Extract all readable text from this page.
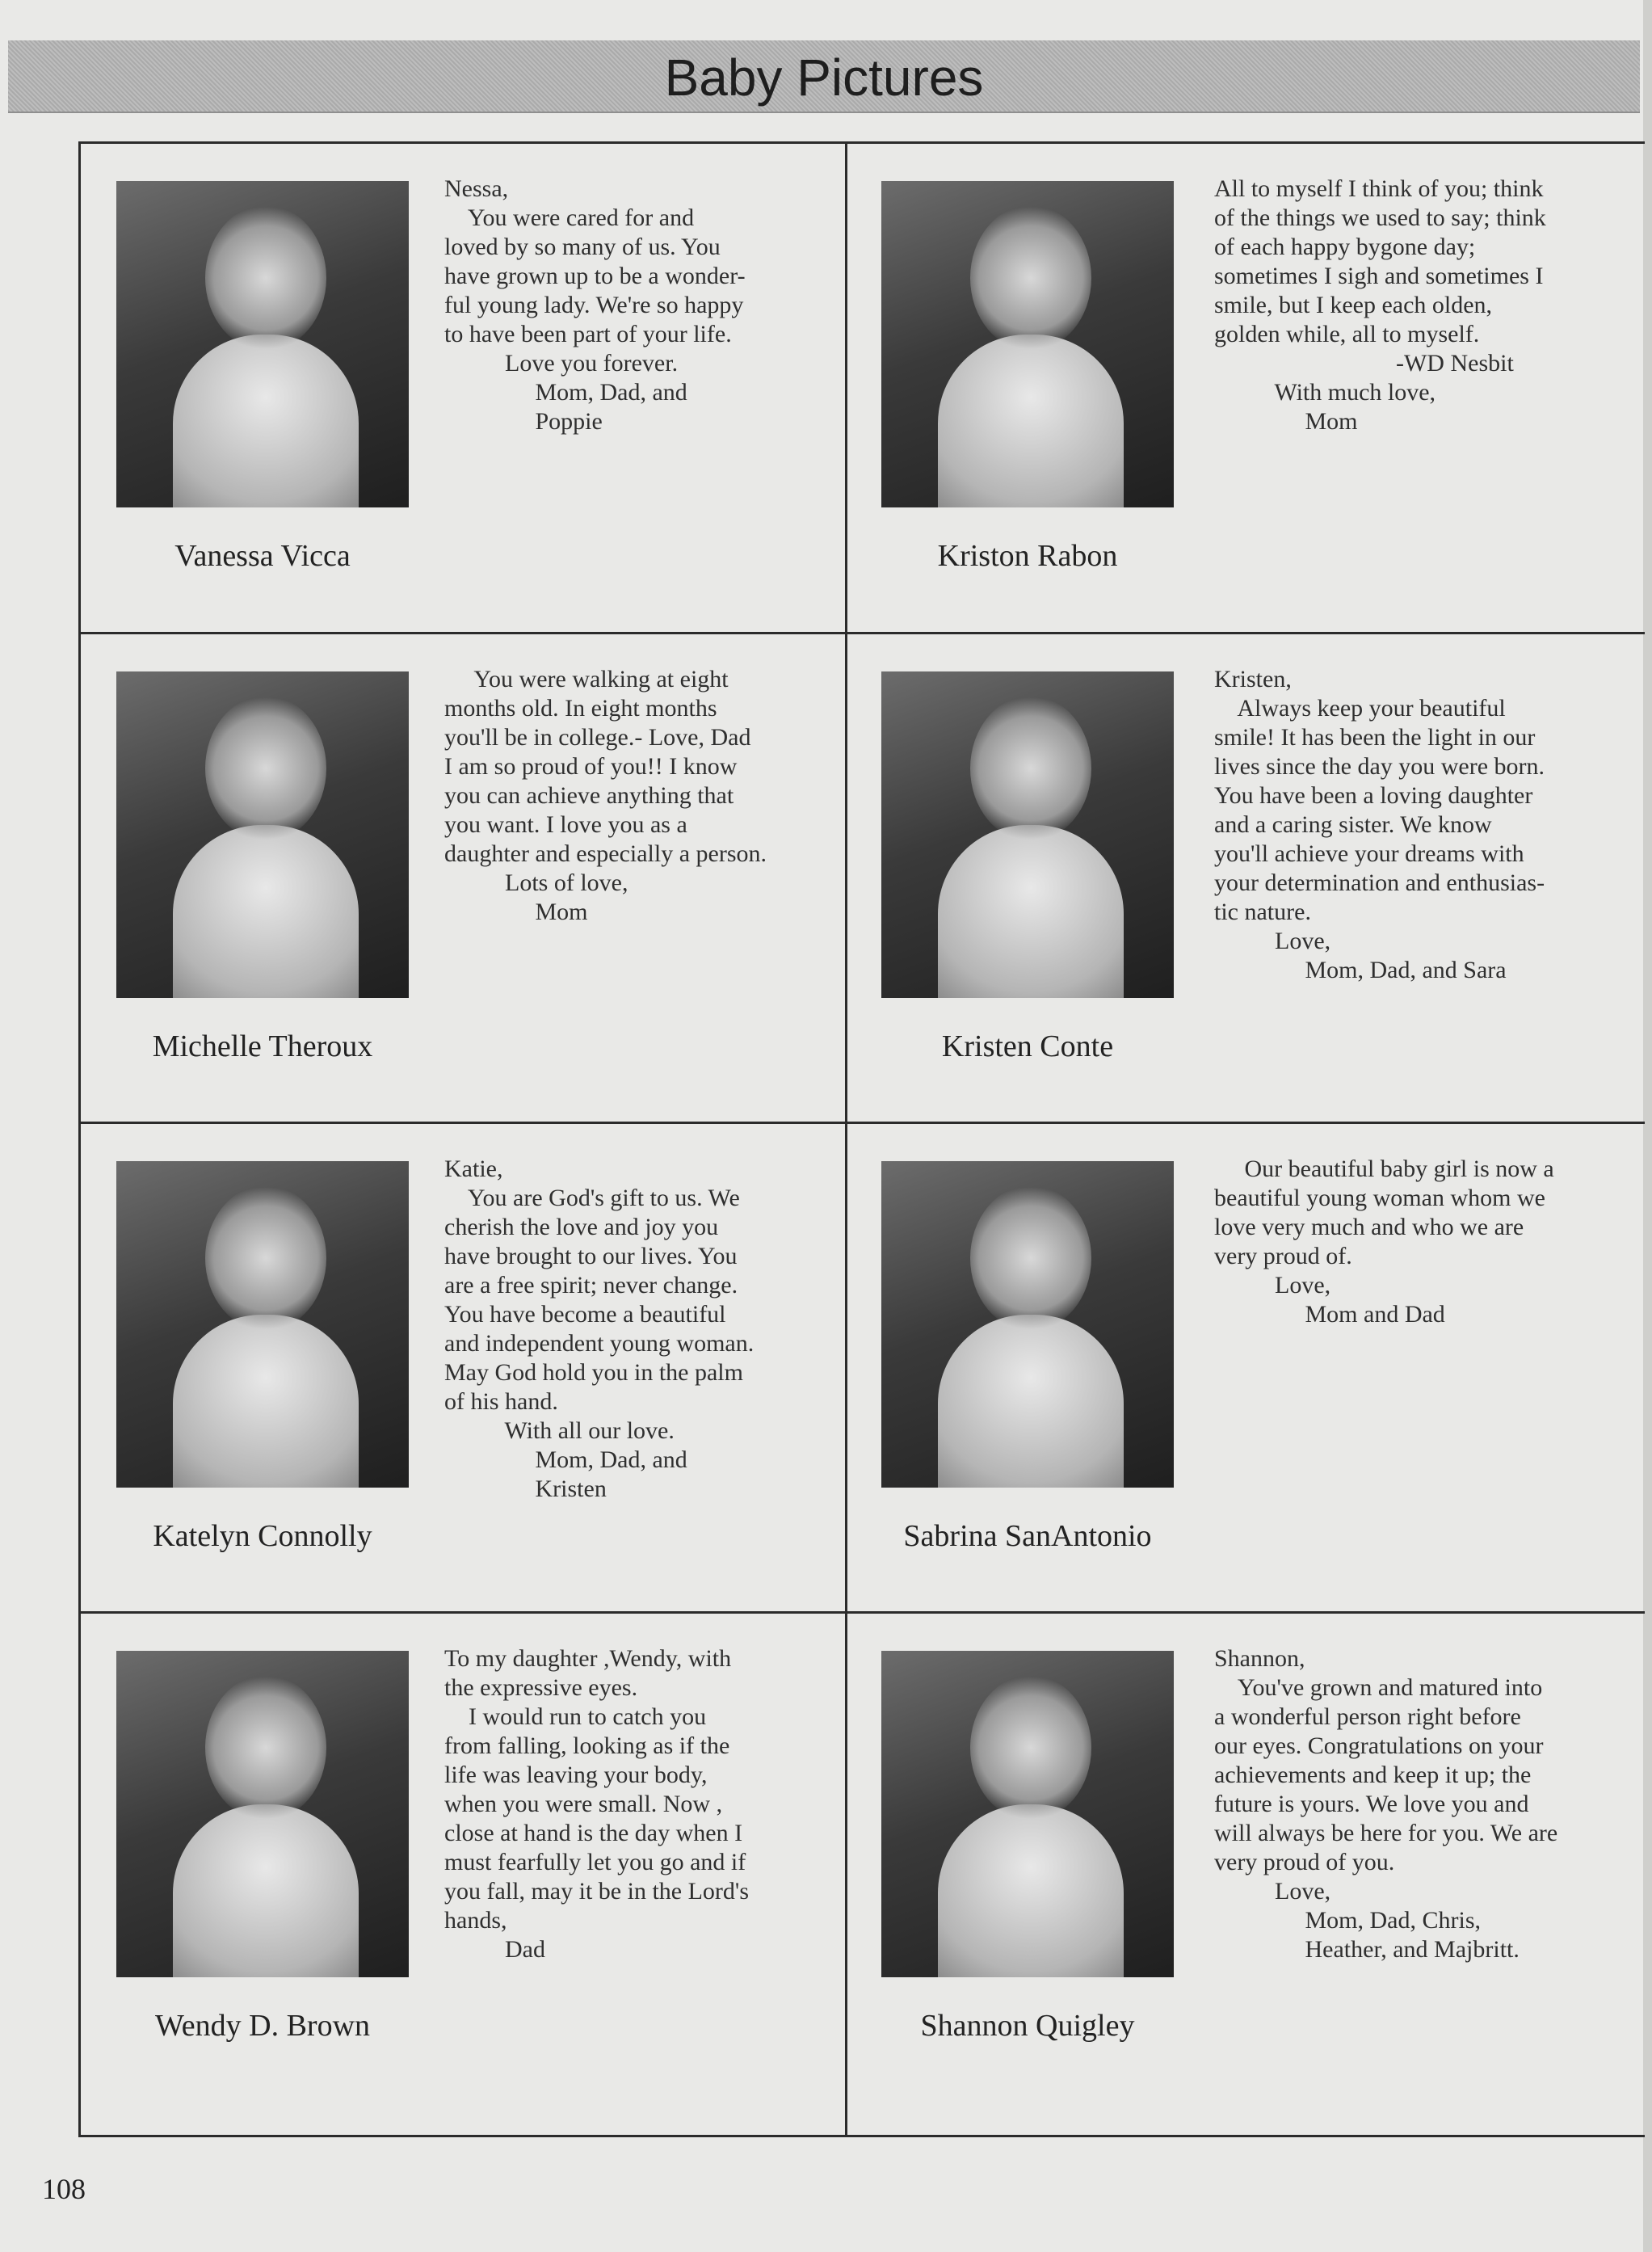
Baby Pictures

Nessa,

You were cared for and

loved by so many of us. You

have grown up to be a wonder-

ful young lady. We're so happy

to have been part of your life.

Love you forever.

Mom, Dad, and

Poppie

Vanessa Vicca

All to myself I think of you; think

of the things we used to say; think

of each happy bygone day;

sometimes I sigh and sometimes I

smile, but I keep each olden,

golden while, all to myself.

-WD Nesbit

With much love,

Mom

Kriston Rabon

You were walking at eight

months old. In eight months

you'll be in college.- Love, Dad

I am so proud of you!! I know

you can achieve anything that

you want. I love you as a

daughter and especially a person.

Lots of love,

Mom

Michelle Theroux

Kristen,

Always keep your beautiful

smile! It has been the light in our

lives since the day you were born.

You have been a loving daughter

and a caring sister. We know

you'll achieve your dreams with

your determination and enthusias-

tic nature.

Love,

Mom, Dad, and Sara

Kristen Conte

Katie,

You are God's gift to us. We

cherish the love and joy you

have brought to our lives. You

are a free spirit; never change.

You have become a beautiful

and independent young woman.

May God hold you in the palm

of his hand.

With all our love.

Mom, Dad, and

Kristen

Katelyn Connolly

Our beautiful baby girl is now a

beautiful young woman whom we

love very much and who we are

very proud of.

Love,

Mom and Dad

Sabrina SanAntonio

To my daughter ,Wendy, with

the expressive eyes.

I would run to catch you

from falling, looking as if the

life was leaving your body,

when you were small. Now ,

close at hand is the day when I

must fearfully let you go and if

you fall, may it be in the Lord's

hands,

Dad

Wendy D. Brown

Shannon,

You've grown and matured into

a wonderful person right before

our eyes. Congratulations on your

achievements and keep it up; the

future is yours. We love you and

will always be here for you. We are

very proud of you.

Love,

Mom, Dad, Chris,

Heather, and Majbritt.

Shannon Quigley
108
